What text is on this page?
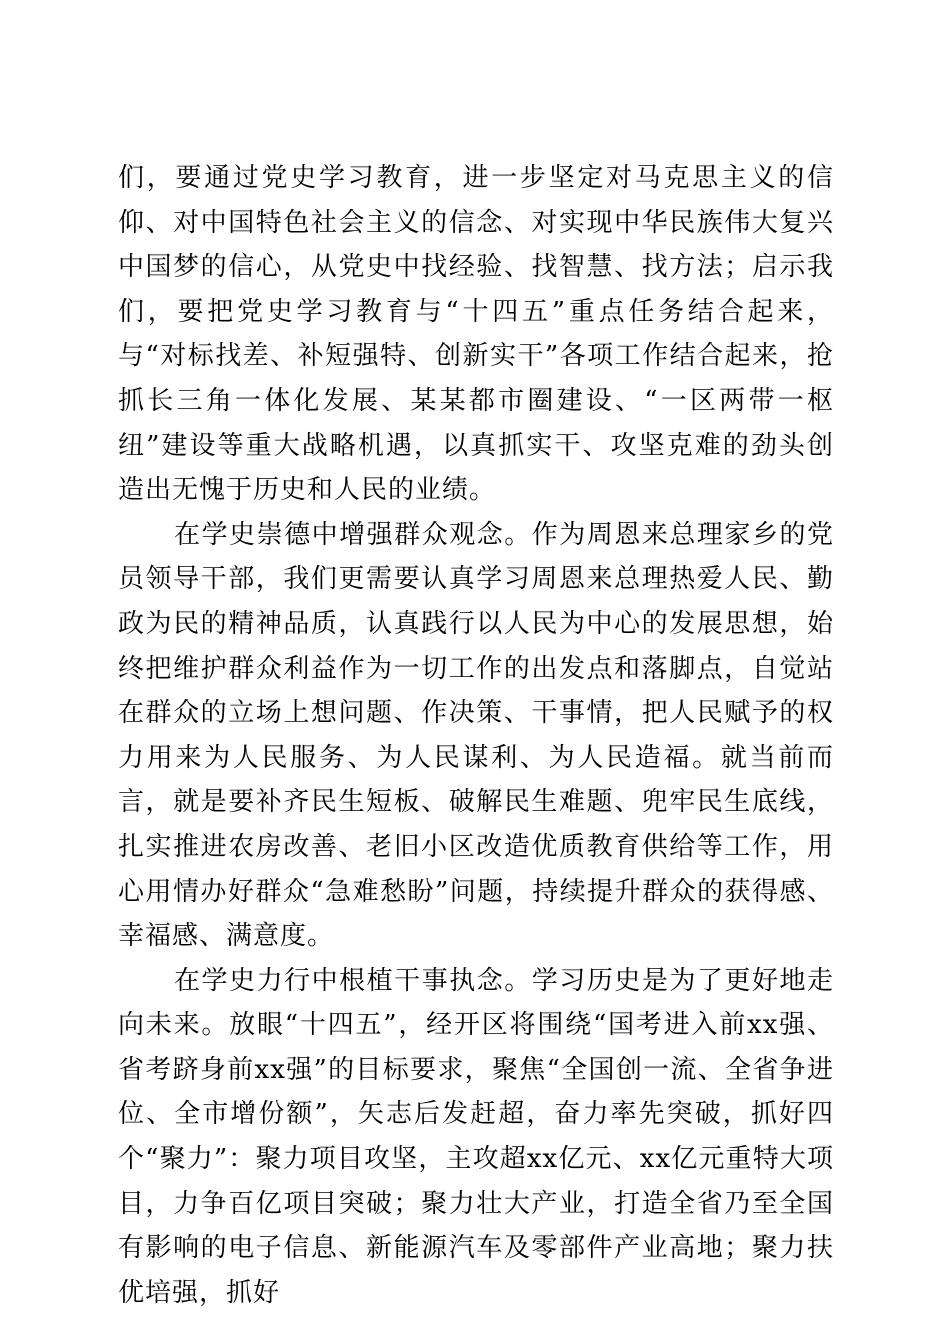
们，要通过党史学习教育，进一步坚定对马克思主义的信仰、对中国特色社会主义的信念、对实现中华民族伟大复兴中国梦的信心，从党史中找经验、找智慧、找方法；启示我们，要把党史学习教育与“十四五”重点任务结合起来，与“对标找差、补短强特、创新实干”各项工作结合起来，抢抓长三角一体化发展、某某都市圈建设、“一区两带一枢纽”建设等重大战略机遇，以真抓实干、攻坚克难的劲头创造出无愧于历史和人民的业绩。

在学史崇德中增强群众观念。作为周恩来总理家乡的党员领导干部，我们更需要认真学习周恩来总理热爱人民、勤政为民的精神品质，认真践行以人民为中心的发展思想，始终把维护群众利益作为一切工作的出发点和落脚点，自觉站在群众的立场上想问题、作决策、干事情，把人民赋予的权力用来为人民服务、为人民谋利、为人民造福。就当前而言，就是要补齐民生短板、破解民生难题、兜牢民生底线，扎实推进农房改善、老旧小区改造优质教育供给等工作，用心用情办好群众“急难愁盼”问题，持续提升群众的获得感、幸福感、满意度。

在学史力行中根植干事执念。学习历史是为了更好地走向未来。放眼“十四五”，经开区将围绕“国考进入前xx强、省考跻身前xx强”的目标要求，聚焦“全国创一流、全省争进位、全市增份额”，矢志后发赶超，奋力率先突破，抓好四个“聚力”：聚力项目攻坚，主攻超xx亿元、xx亿元重特大项目，力争百亿项目突破；聚力壮大产业，打造全省乃至全国有影响的电子信息、新能源汽车及零部件产业高地；聚力扶优培强，抓好
